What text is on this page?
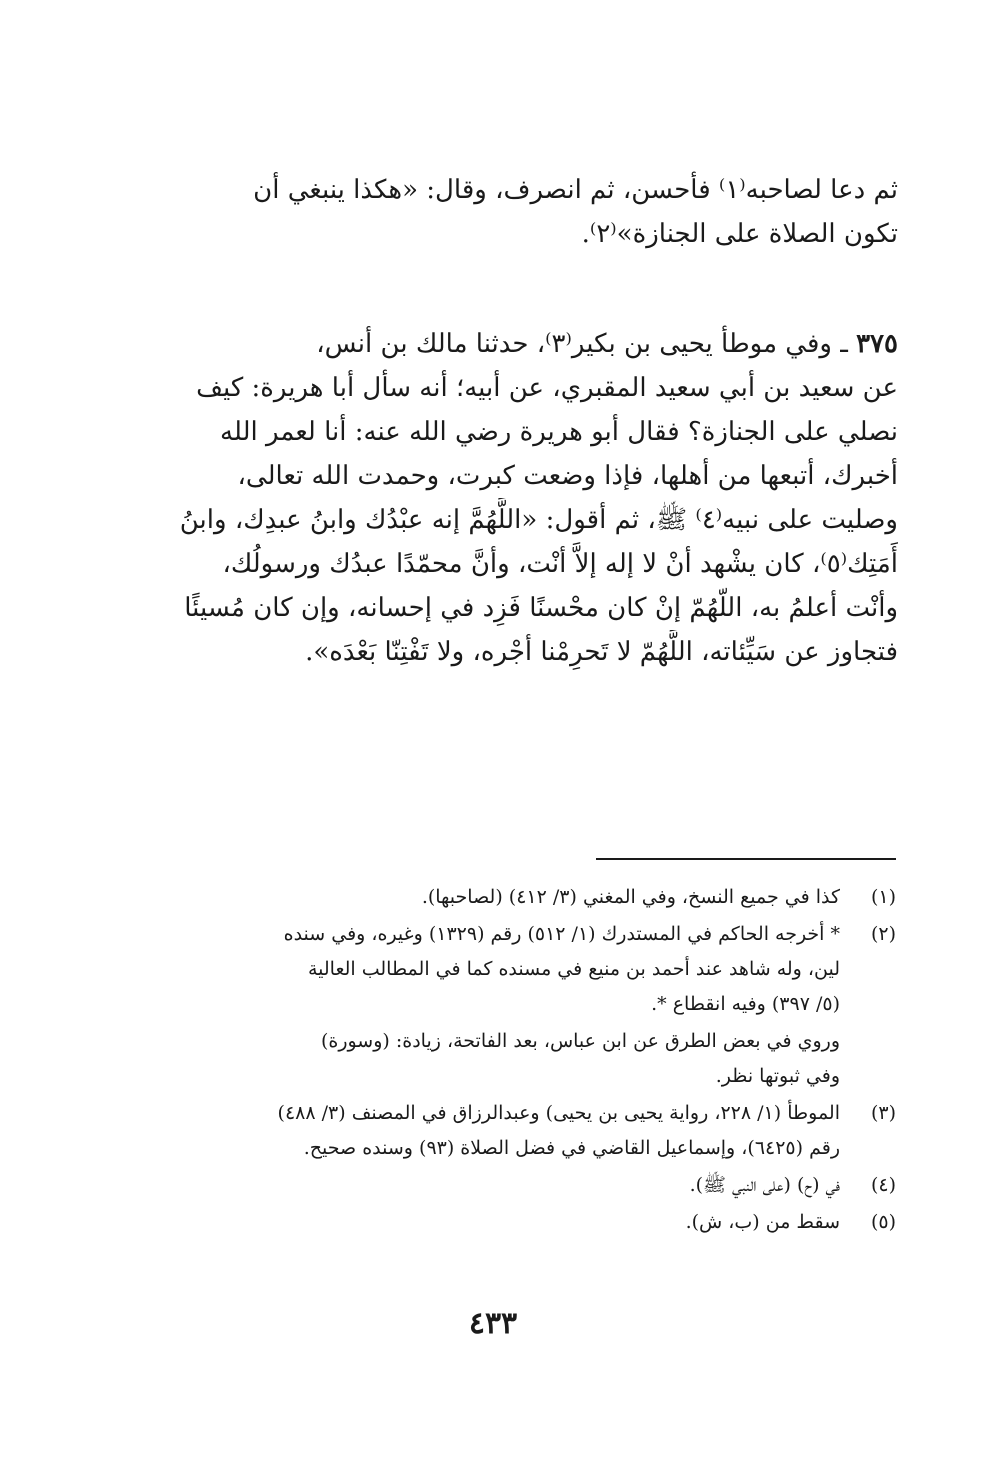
ثم دعا لصاحبه⁽١⁾ فأحسن، ثم انصرف، وقال: «هكذا ينبغي أن
تكون الصلاة على الجنازة»⁽٢⁾.
٣٧٥ ـ وفي موطأ يحيى بن بكير⁽٣⁾، حدثنا مالك بن أنس،
عن سعيد بن أبي سعيد المقبري، عن أبيه؛ أنه سأل أبا هريرة: كيف
نصلي على الجنازة؟ فقال أبو هريرة رضي الله عنه: أنا لعمر الله
أخبرك، أتبعها من أهلها، فإذا وضعت كبرت، وحمدت الله تعالى،
وصليت على نبيه⁽٤⁾ ﷺ، ثم أقول: «اللَّهُمَّ إنه عبْدُك وابنُ عبدِك، وابنُ
أَمَتِك⁽٥⁾، كان يشْهد أنْ لا إله إلاَّ أنْت، وأنَّ محمّدًا عبدُك ورسولُك،
وأنْت أعلمُ به، اللّهُمّ إنْ كان محْسنًا فَزِد في إحسانه، وإن كان مُسيئًا
فتجاوز عن سَيِّئاته، اللَّهُمّ لا تَحرِمْنا أجْره، ولا تَفْتِنّا بَعْدَه».
(١)
كذا في جميع النسخ، وفي المغني (٣/ ٤١٢) (لصاحبها).
(٢)
* أخرجه الحاكم في المستدرك (١/ ٥١٢) رقم (١٣٢٩) وغيره، وفي سنده
لين، وله شاهد عند أحمد بن منيع في مسنده كما في المطالب العالية
(٥/ ٣٩٧) وفيه انقطاع *.
وروي في بعض الطرق عن ابن عباس، بعد الفاتحة، زيادة: (وسورة)
وفي ثبوتها نظر.
(٣)
الموطأ (١/ ٢٢٨، رواية يحيى بن يحيى) وعبدالرزاق في المصنف (٣/ ٤٨٨)
رقم (٦٤٢٥)، وإسماعيل القاضي في فضل الصلاة (٩٣) وسنده صحيح.
(٤)
في (ح) (على النبي ﷺ).
(٥)
سقط من (ب، ش).
٤٣٣
